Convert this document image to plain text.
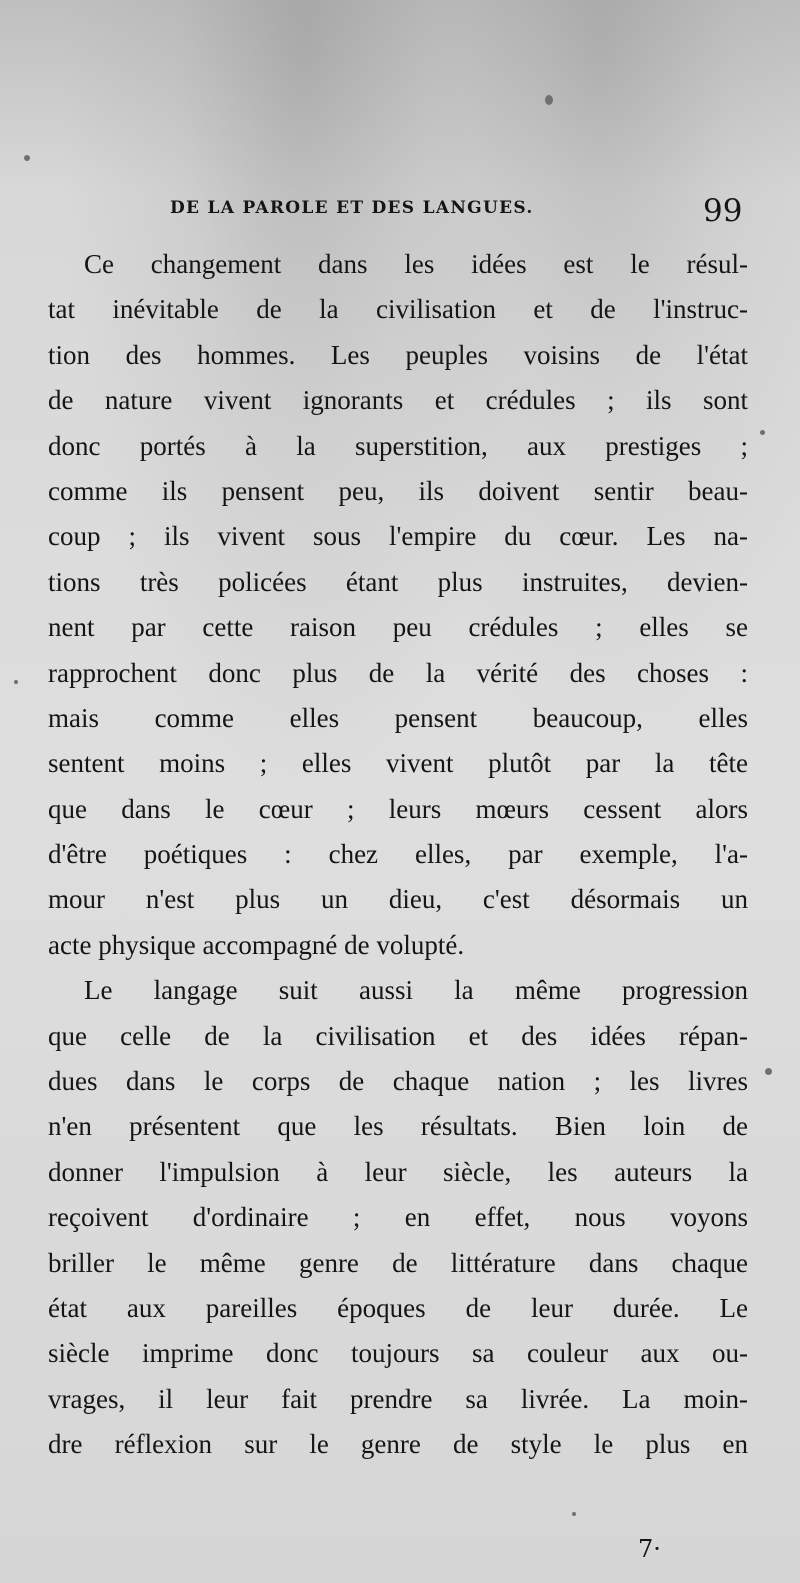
DE LA PAROLE ET DES LANGUES.	99
Ce changement dans les idées est le résul-
tat inévitable de la civilisation et de l'instruc-
tion des hommes. Les peuples voisins de l'état
de nature vivent ignorants et crédules ; ils sont
donc portés à la superstition, aux prestiges ;
comme ils pensent peu, ils doivent sentir beau-
coup ; ils vivent sous l'empire du cœur. Les na-
tions très policées étant plus instruites, devien-
nent par cette raison peu crédules ; elles se
rapprochent donc plus de la vérité des choses :
mais comme elles pensent beaucoup, elles
sentent moins ; elles vivent plutôt par la tête
que dans le cœur ; leurs mœurs cessent alors
d'être poétiques : chez elles, par exemple, l'a-
mour n'est plus un dieu, c'est désormais un
acte physique accompagné de volupté.
Le langage suit aussi la même progression
que celle de la civilisation et des idées répan-
dues dans le corps de chaque nation ; les livres
n'en présentent que les résultats. Bien loin de
donner l'impulsion à leur siècle, les auteurs la
reçoivent d'ordinaire ; en effet, nous voyons
briller le même genre de littérature dans chaque
état aux pareilles époques de leur durée. Le
siècle imprime donc toujours sa couleur aux ou-
vrages, il leur fait prendre sa livrée. La moin-
dre réflexion sur le genre de style le plus en
7·
